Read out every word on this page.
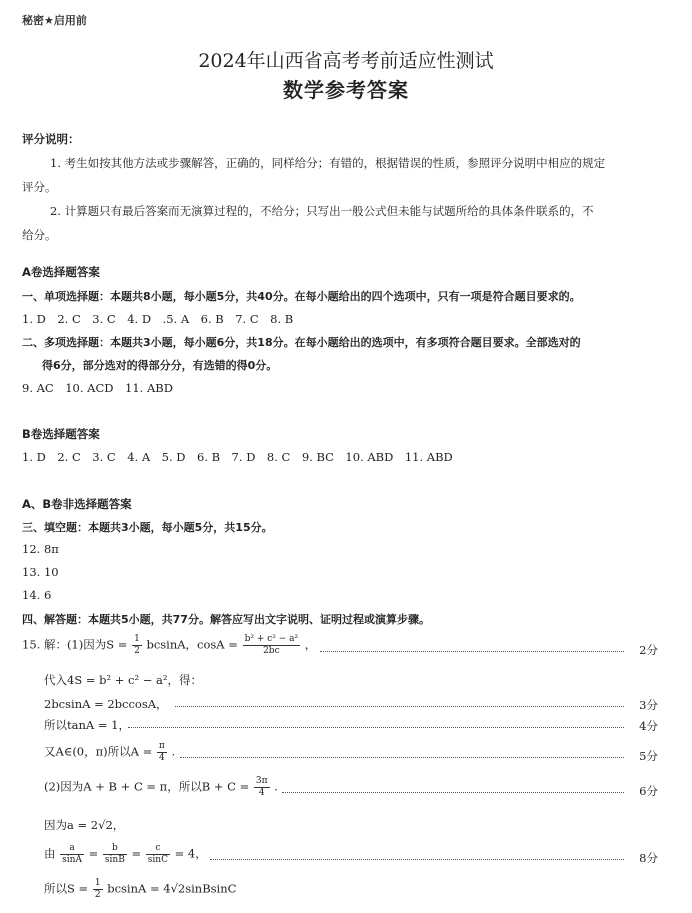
秘密★启用前
2024年山西省高考考前适应性测试
数学参考答案
评分说明：
1. 考生如按其他方法或步骤解答，正确的，同样给分；有错的，根据错误的性质，参照评分说明中相应的规定
评分。
2. 计算题只有最后答案而无演算过程的，不给分；只写出一般公式但未能与试题所给的具体条件联系的，不
给分。
A卷选择题答案
一、单项选择题：本题共8小题，每小题5分，共40分。在每小题给出的四个选项中，只有一项是符合题目要求的。
1. D　2. C　3. C　4. D　.5. A　6. B　7. C　8. B
二、多项选择题：本题共3小题，每小题6分，共18分。在每小题给出的选项中，有多项符合题目要求。全部选对的
得6分，部分选对的得部分分，有选错的得0分。
9. AC　10. ACD　11. ABD
B卷选择题答案
1. D　2. C　3. C　4. A　5. D　6. B　7. D　8. C　9. BC　10. ABD　11. ABD
A、B卷非选择题答案
三、填空题：本题共3小题，每小题5分，共15分。
12. 8π
13. 10
14. 6
四、解答题：本题共5小题，共77分。解答应写出文字说明、证明过程或演算步骤。
15. 解：(1)因为$S = \frac{1}{2}$ bcsinA，$\cos A = \frac{\text{b² + c² − a²}}{2bc}$ ，	2分
代入4S = b² + c² − a²，得：
2bcsinA = 2bccosA，	3分
所以tanA = 1，	4分
又A∈(0，π)所以$A = \frac{\pi}{4}$ .	5分
(2)因为A + B + C = π，所以$B + C = \frac{3\pi}{4}$ .	6分
因为a = 2√2，
由 $\frac{a}{\sin A} = \frac{b}{\sin B} = \frac{c}{\sin C} = 4$，	8分
所以$S = \frac{1}{2}$ bcsinA = 4√2sinBsinC
